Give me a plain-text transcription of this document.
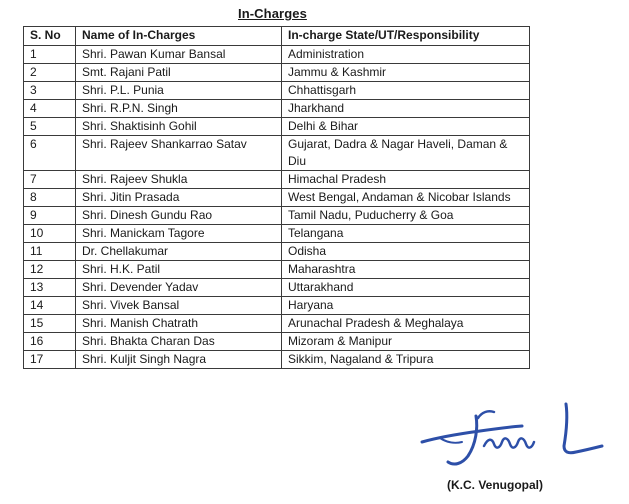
In-Charges
S. No	Name of In-Charges	In-charge State/UT/Responsibility
1	Shri. Pawan Kumar Bansal	Administration
2	Smt. Rajani Patil	Jammu & Kashmir
3	Shri. P.L. Punia	Chhattisgarh
4	Shri. R.P.N. Singh	Jharkhand
5	Shri. Shaktisinh Gohil	Delhi & Bihar
6	Shri. Rajeev Shankarrao Satav	Gujarat, Dadra & Nagar Haveli, Daman & Diu
7	Shri. Rajeev Shukla	Himachal Pradesh
8	Shri. Jitin Prasada	West Bengal, Andaman & Nicobar Islands
9	Shri. Dinesh Gundu Rao	Tamil Nadu, Puducherry & Goa
10	Shri. Manickam Tagore	Telangana
11	Dr. Chellakumar	Odisha
12	Shri. H.K. Patil	Maharashtra
13	Shri. Devender Yadav	Uttarakhand
14	Shri. Vivek Bansal	Haryana
15	Shri. Manish Chatrath	Arunachal Pradesh & Meghalaya
16	Shri. Bhakta Charan Das	Mizoram & Manipur
17	Shri. Kuljit Singh Nagra	Sikkim, Nagaland & Tripura
(K.C. Venugopal)
